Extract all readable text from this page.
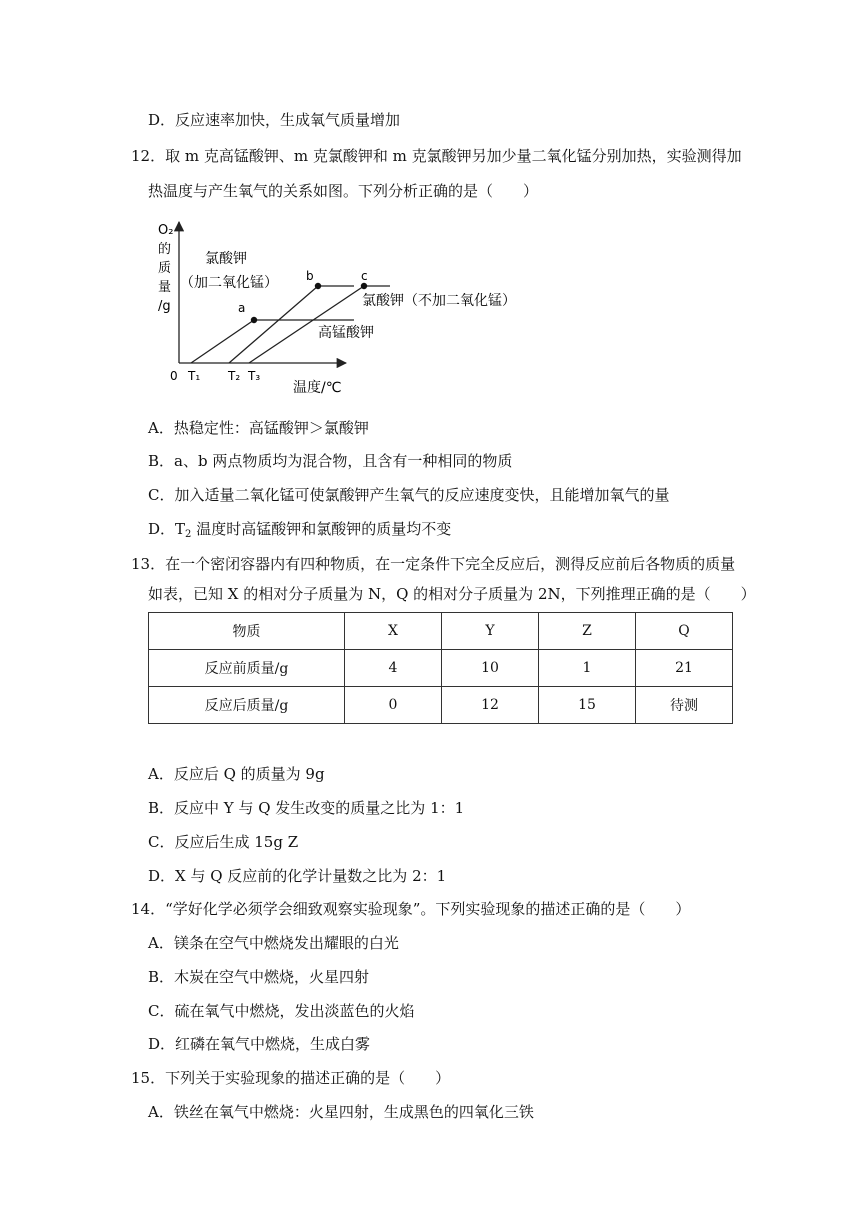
D．反应速率加快，生成氧气质量增加
12．取 m 克高锰酸钾、m 克氯酸钾和 m 克氯酸钾另加少量二氧化锰分别加热，实验测得加
热温度与产生氧气的关系如图。下列分析正确的是（　　）
O₂
的
质
量
/g
0 T₁ T₂ T₃
温度/℃
a
b	c
氯酸钾
（加二氧化锰）
氯酸钾（不加二氧化锰）
高锰酸钾
A．热稳定性：高锰酸钾＞氯酸钾
B．a、b 两点物质均为混合物，且含有一种相同的物质
C．加入适量二氧化锰可使氯酸钾产生氧气的反应速度变快，且能增加氧气的量
D．$T_2$ 温度时高锰酸钾和氯酸钾的质量均不变
13．在一个密闭容器内有四种物质，在一定条件下完全反应后，测得反应前后各物质的质量
如表，已知 X 的相对分子质量为 N，Q 的相对分子质量为 2N，下列推理正确的是（　　）
物质	X	Y	Z	Q
反应前质量/g	4	10	1	21
反应后质量/g	0	12	15	待测
A．反应后 Q 的质量为 9g
B．反应中 Y 与 Q 发生改变的质量之比为 1：1
C．反应后生成 15g Z
D．X 与 Q 反应前的化学计量数之比为 2：1
14．“学好化学必须学会细致观察实验现象”。下列实验现象的描述正确的是（　　）
A．镁条在空气中燃烧发出耀眼的白光
B．木炭在空气中燃烧，火星四射
C．硫在氧气中燃烧，发出淡蓝色的火焰
D．红磷在氧气中燃烧，生成白雾
15．下列关于实验现象的描述正确的是（　　）
A．铁丝在氧气中燃烧：火星四射，生成黑色的四氧化三铁
